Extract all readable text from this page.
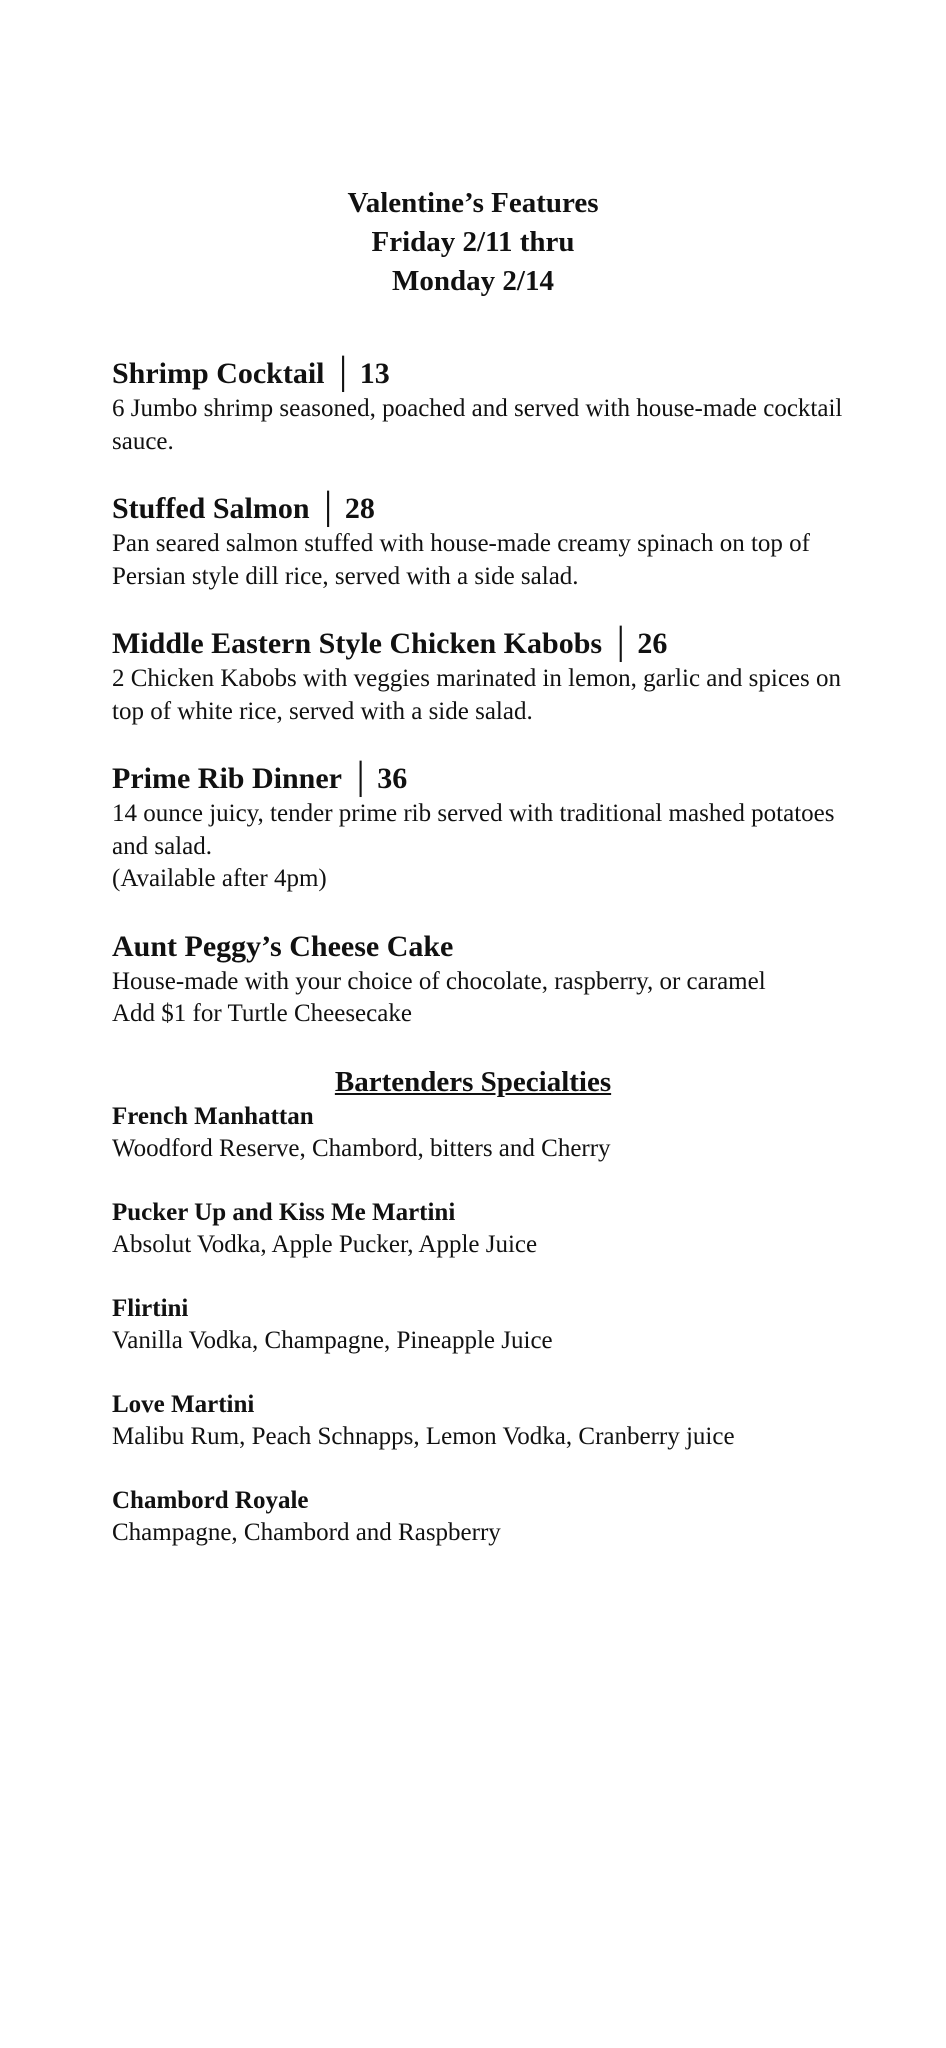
Valentine’s Features
Friday 2/11 thru
Monday 2/14
Shrimp Cocktail │ 13

6 Jumbo shrimp seasoned, poached and served with house-made cocktail sauce.

Stuffed Salmon │ 28

Pan seared salmon stuffed with house-made creamy spinach on top of Persian style dill rice, served with a side salad.

Middle Eastern Style Chicken Kabobs │ 26

2 Chicken Kabobs with veggies marinated in lemon, garlic and spices on top of white rice, served with a side salad.

Prime Rib Dinner │ 36

14 ounce juicy, tender prime rib served with traditional mashed potatoes and salad.

(Available after 4pm)

Aunt Peggy’s Cheese Cake

House-made with your choice of chocolate, raspberry, or caramel

Add $1 for Turtle Cheesecake

Bartenders Specialties
French Manhattan
Woodford Reserve, Chambord, bitters and Cherry
Pucker Up and Kiss Me Martini
Absolut Vodka, Apple Pucker, Apple Juice
Flirtini
Vanilla Vodka, Champagne, Pineapple Juice
Love Martini
Malibu Rum, Peach Schnapps, Lemon Vodka, Cranberry juice
Chambord Royale
Champagne, Chambord and Raspberry
